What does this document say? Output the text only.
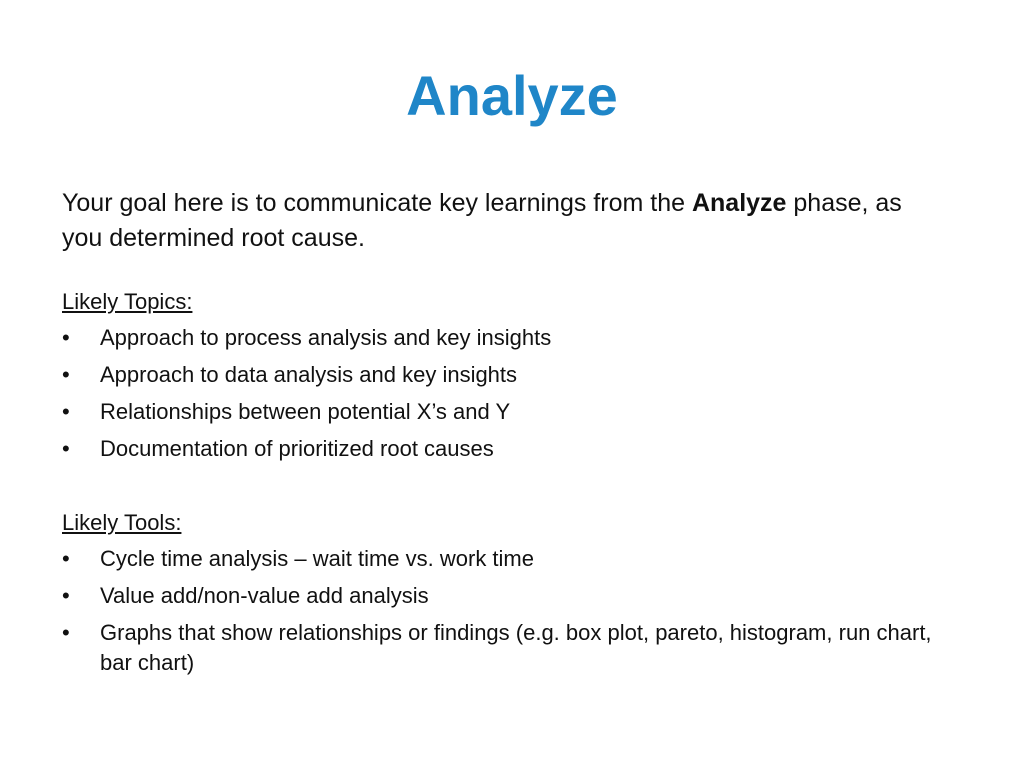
Analyze

Your goal here is to communicate key learnings from the Analyze phase, as you determined root cause.

Likely Topics:

•	Approach to process analysis and key insights
•	Approach to data analysis and key insights
•	Relationships between potential X’s and Y
•	Documentation of prioritized root causes

Likely Tools:

•	Cycle time analysis – wait time vs. work time
•	Value add/non-value add analysis
•	Graphs that show relationships or findings (e.g. box plot, pareto, histogram, run chart, bar chart)
